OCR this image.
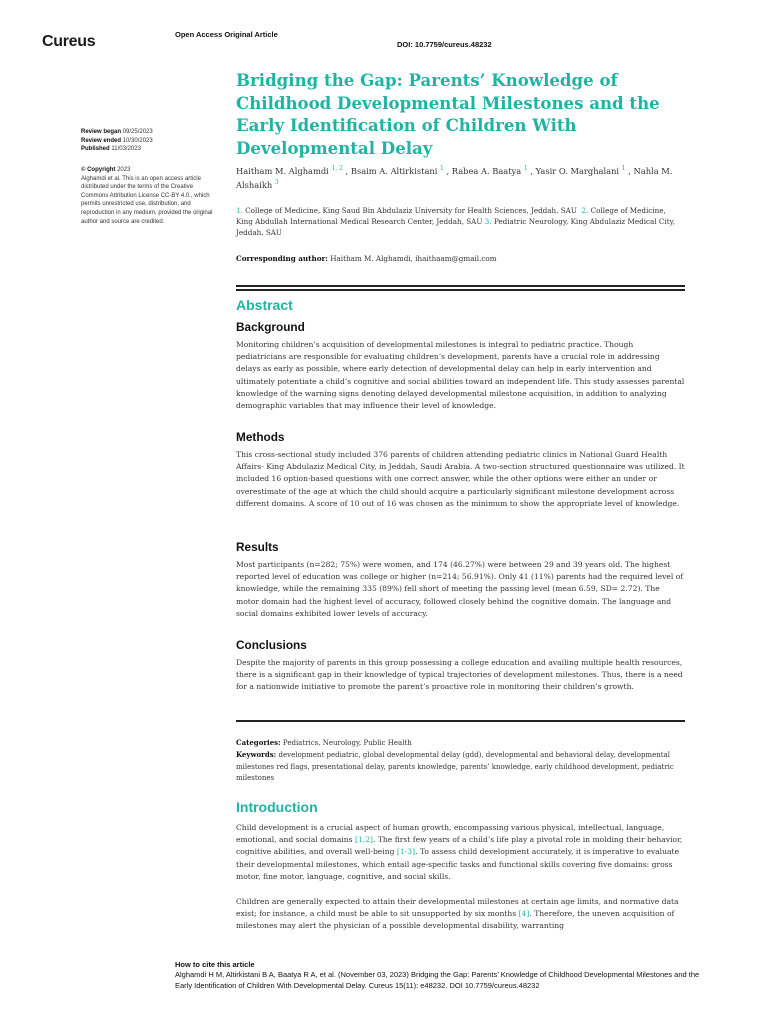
Cureus	Open Access Original Article
DOI: 10.7759/cureus.48232
Bridging the Gap: Parents’ Knowledge of Childhood Developmental Milestones and the Early Identification of Children With Developmental Delay
Review began 09/25/2023
Review ended 10/30/2023
Published 11/03/2023
© Copyright 2023
Alghamdi et al. This is an open access article distributed under the terms of the Creative Commons Attribution License CC-BY 4.0., which permits unrestricted use, distribution, and reproduction in any medium, provided the original author and source are credited.
Haitham M. Alghamdi $^{1, 2}$ , Bsaim A. Altirkistani $^1$ , Rabea A. Baatya $^1$ , Yasir O. Marghalani $^1$ , Nahla M. Alshaikh $^3$
1. College of Medicine, King Saud Bin Abdulaziz University for Health Sciences, Jeddah, SAU 2. College of Medicine, King Abdullah International Medical Research Center, Jeddah, SAU 3. Pediatric Neurology, King Abdulaziz Medical City, Jeddah, SAU
Corresponding author: Haitham M. Alghamdi, ihaithaam@gmail.com
Abstract
Background
Monitoring children’s acquisition of developmental milestones is integral to pediatric practice. Though pediatricians are responsible for evaluating children’s development, parents have a crucial role in addressing delays as early as possible, where early detection of developmental delay can help in early intervention and ultimately potentiate a child’s cognitive and social abilities toward an independent life. This study assesses parental knowledge of the warning signs denoting delayed developmental milestone acquisition, in addition to analyzing demographic variables that may influence their level of knowledge.
Methods
This cross-sectional study included 376 parents of children attending pediatric clinics in National Guard Health Affairs- King Abdulaziz Medical City, in Jeddah, Saudi Arabia. A two-section structured questionnaire was utilized. It included 16 option-based questions with one correct answer, while the other options were either an under or overestimate of the age at which the child should acquire a particularly significant milestone development across different domains. A score of 10 out of 16 was chosen as the minimum to show the appropriate level of knowledge.
Results
Most participants (n=282; 75%) were women, and 174 (46.27%) were between 29 and 39 years old. The highest reported level of education was college or higher (n=214; 56.91%). Only 41 (11%) parents had the required level of knowledge, while the remaining 335 (89%) fell short of meeting the passing level (mean 6.59, SD= 2.72). The motor domain had the highest level of accuracy, followed closely behind the cognitive domain. The language and social domains exhibited lower levels of accuracy.
Conclusions
Despite the majority of parents in this group possessing a college education and availing multiple health resources, there is a significant gap in their knowledge of typical trajectories of development milestones. Thus, there is a need for a nationwide initiative to promote the parent’s proactive role in monitoring their children’s growth.
Categories: Pediatrics, Neurology, Public Health
Keywords: development pediatric, global developmental delay (gdd), developmental and behavioral delay, developmental milestones red flags, presentational delay, parents knowledge, parents’ knowledge, early childhood development, pediatric milestones
Introduction
Child development is a crucial aspect of human growth, encompassing various physical, intellectual, language, emotional, and social domains [1,2]. The first few years of a child’s life play a pivotal role in molding their behavior, cognitive abilities, and overall well-being [1-3]. To assess child development accurately, it is imperative to evaluate their developmental milestones, which entail age-specific tasks and functional skills covering five domains: gross motor, fine motor, language, cognitive, and social skills.
Children are generally expected to attain their developmental milestones at certain age limits, and normative data exist; for instance, a child must be able to sit unsupported by six months [4]. Therefore, the uneven acquisition of milestones may alert the physician of a possible developmental disability, warranting
How to cite this article
Alghamdi H M, Altirkistani B A, Baatya R A, et al. (November 03, 2023) Bridging the Gap: Parents’ Knowledge of Childhood Developmental Milestones and the Early Identification of Children With Developmental Delay. Cureus 15(11): e48232. DOI 10.7759/cureus.48232
